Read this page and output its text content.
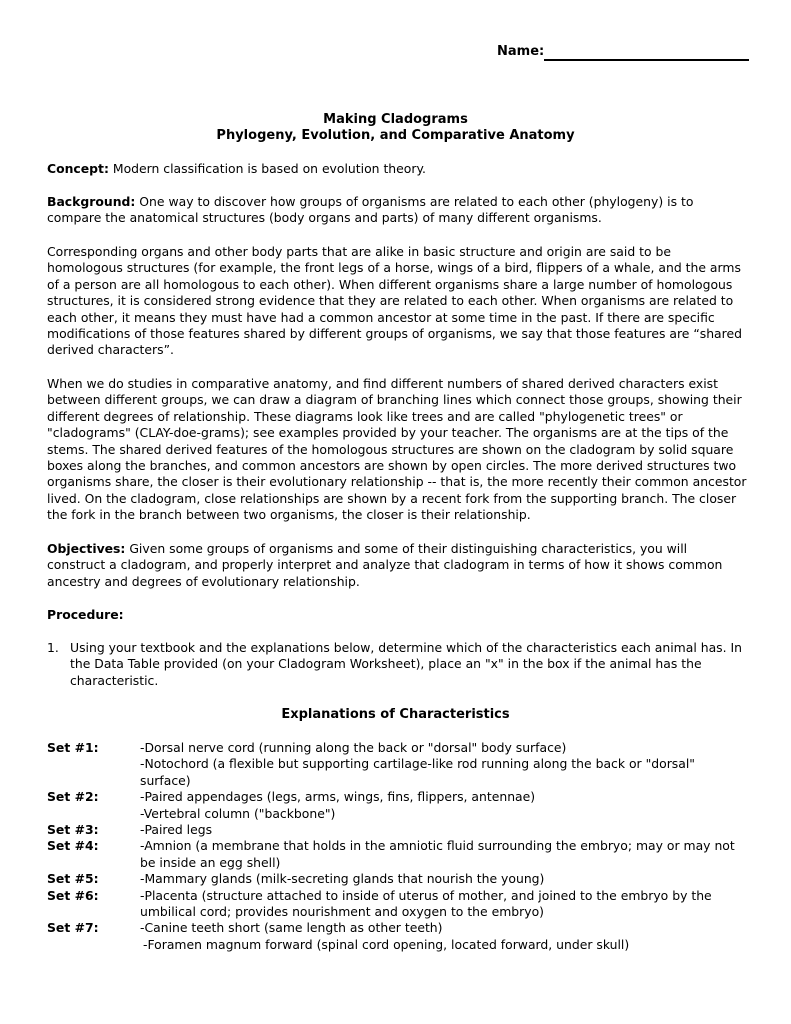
Name:
Making Cladograms
Phylogeny, Evolution, and Comparative Anatomy

Concept: Modern classification is based on evolution theory.

Background: One way to discover how groups of organisms are related to each other (phylogeny) is to compare the anatomical structures (body organs and parts) of many different organisms.

Corresponding organs and other body parts that are alike in basic structure and origin are said to be homologous structures (for example, the front legs of a horse, wings of a bird, flippers of a whale, and the arms of a person are all homologous to each other). When different organisms share a large number of homologous structures, it is considered strong evidence that they are related to each other. When organisms are related to each other, it means they must have had a common ancestor at some time in the past. If there are specific modifications of those features shared by different groups of organisms, we say that those features are “shared derived characters”.

When we do studies in comparative anatomy, and find different numbers of shared derived characters exist between different groups, we can draw a diagram of branching lines which connect those groups, showing their different degrees of relationship. These diagrams look like trees and are called "phylogenetic trees" or "cladograms" (CLAY-doe-grams); see examples provided by your teacher. The organisms are at the tips of the stems. The shared derived features of the homologous structures are shown on the cladogram by solid square boxes along the branches, and common ancestors are shown by open circles. The more derived structures two organisms share, the closer is their evolutionary relationship -- that is, the more recently their common ancestor lived. On the cladogram, close relationships are shown by a recent fork from the supporting branch. The closer the fork in the branch between two organisms, the closer is their relationship.

Objectives: Given some groups of organisms and some of their distinguishing characteristics, you will construct a cladogram, and properly interpret and analyze that cladogram in terms of how it shows common ancestry and degrees of evolutionary relationship.

Procedure:

1. Using your textbook and the explanations below, determine which of the characteristics each animal has. In the Data Table provided (on your Cladogram Worksheet), place an "x" in the box if the animal has the characteristic.
Explanations of Characteristics
Set #1:	-Dorsal nerve cord (running along the back or "dorsal" body surface)
-Notochord (a flexible but supporting cartilage-like rod running along the back or "dorsal" surface)
Set #2:	-Paired appendages (legs, arms, wings, fins, flippers, antennae)
-Vertebral column ("backbone")
Set #3:	-Paired legs
Set #4:	-Amnion (a membrane that holds in the amniotic fluid surrounding the embryo; may or may not be inside an egg shell)
Set #5:	-Mammary glands (milk-secreting glands that nourish the young)
Set #6:	-Placenta (structure attached to inside of uterus of mother, and joined to the embryo by the umbilical cord; provides nourishment and oxygen to the embryo)
Set #7:	-Canine teeth short (same length as other teeth)
-Foramen magnum forward (spinal cord opening, located forward, under skull)
